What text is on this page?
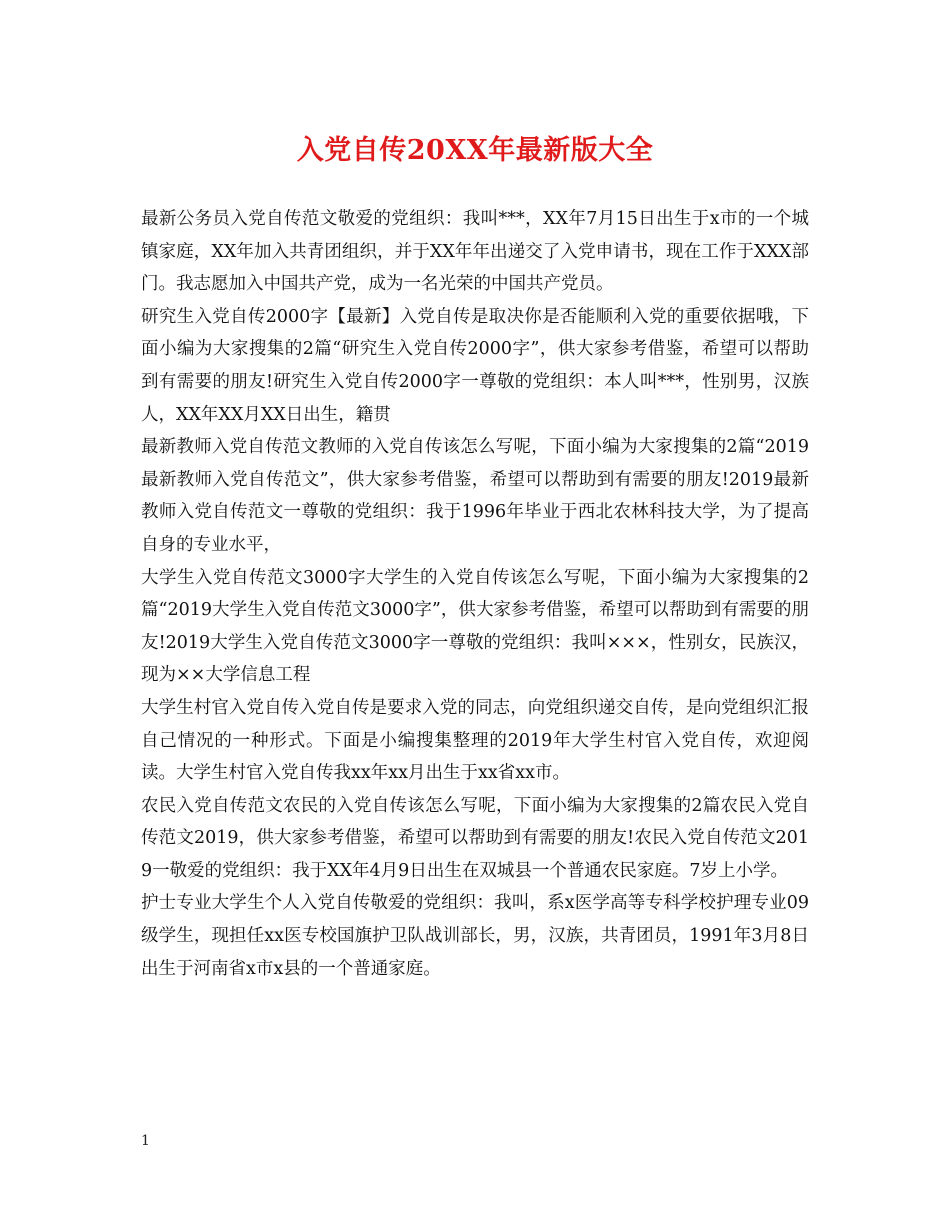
入党自传20XX年最新版大全

最新公务员入党自传范文敬爱的党组织：我叫***，XX年7月15日出生于x市的一个城镇家庭，XX年加入共青团组织，并于XX年年出递交了入党申请书，现在工作于XXX部门。我志愿加入中国共产党，成为一名光荣的中国共产党员。

研究生入党自传2000字【最新】入党自传是取决你是否能顺利入党的重要依据哦，下面小编为大家搜集的2篇“研究生入党自传2000字”，供大家参考借鉴，希望可以帮助到有需要的朋友!研究生入党自传2000字一尊敬的党组织：本人叫***，性别男，汉族人，XX年XX月XX日出生，籍贯

最新教师入党自传范文教师的入党自传该怎么写呢，下面小编为大家搜集的2篇“2019最新教师入党自传范文”，供大家参考借鉴，希望可以帮助到有需要的朋友!2019最新教师入党自传范文一尊敬的党组织：我于1996年毕业于西北农林科技大学，为了提高自身的专业水平，

大学生入党自传范文3000字大学生的入党自传该怎么写呢，下面小编为大家搜集的2篇“2019大学生入党自传范文3000字”，供大家参考借鉴，希望可以帮助到有需要的朋友!2019大学生入党自传范文3000字一尊敬的党组织：我叫×××，性别女，民族汉，现为××大学信息工程

大学生村官入党自传入党自传是要求入党的同志，向党组织递交自传，是向党组织汇报自己情况的一种形式。下面是小编搜集整理的2019年大学生村官入党自传，欢迎阅读。大学生村官入党自传我xx年xx月出生于xx省xx市。

农民入党自传范文农民的入党自传该怎么写呢，下面小编为大家搜集的2篇农民入党自传范文2019，供大家参考借鉴，希望可以帮助到有需要的朋友!农民入党自传范文2019一敬爱的党组织：我于XX年4月9日出生在双城县一个普通农民家庭。7岁上小学。

护士专业大学生个人入党自传敬爱的党组织：我叫，系x医学高等专科学校护理专业09级学生，现担任xx医专校国旗护卫队战训部长，男，汉族，共青团员，1991年3月8日出生于河南省x市x县的一个普通家庭。

1
